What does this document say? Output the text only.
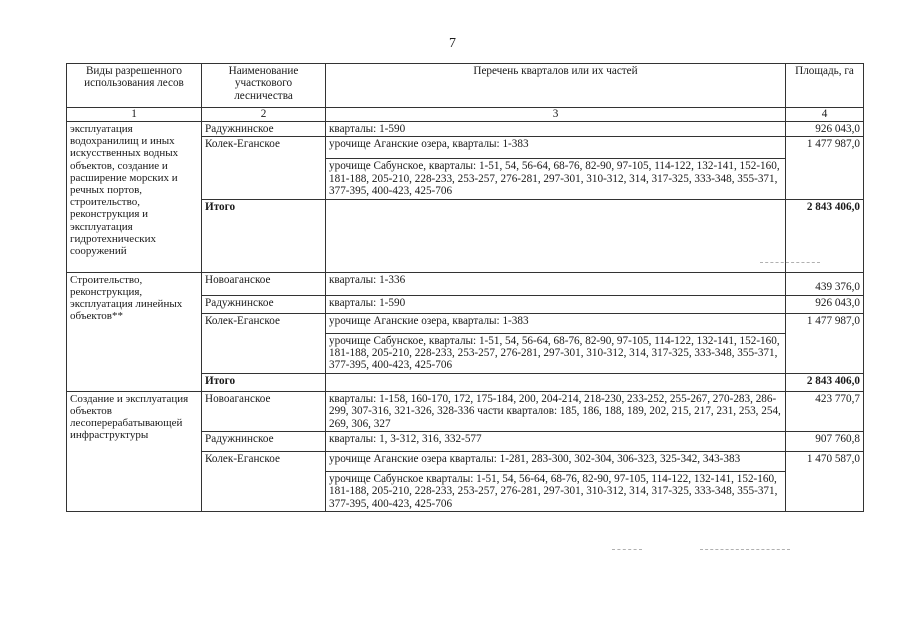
7
Виды разрешенного использования лесов	Наименование участкового лесничества	Перечень кварталов или их частей	Площадь, га
1	2	3	4
эксплуатация водохранилищ и иных искусственных водных объектов, создание и расширение морских и речных портов, строительство, реконструкция и эксплуатация гидротехнических сооружений	Радужнинское	кварталы: 1-590	926 043,0
	Колек-Еганское	урочище Аганские озера, кварталы: 1-383	1 477 987,0
		урочище Сабунское, кварталы: 1-51, 54, 56-64, 68-76, 82-90, 97-105, 114-122, 132-141, 152-160, 181-188, 205-210, 228-233, 253-257, 276-281, 297-301, 310-312, 314, 317-325, 333-348, 355-371, 377-395, 400-423, 425-706	
	Итого		2 843 406,0
Строительство, реконструкция, эксплуатация линейных объектов**	Новоаганское	кварталы: 1-336	439 376,0
	Радужнинское	кварталы: 1-590	926 043,0
	Колек-Еганское	урочище Аганские озера, кварталы: 1-383	1 477 987,0
		урочище Сабунское, кварталы: 1-51, 54, 56-64, 68-76, 82-90, 97-105, 114-122, 132-141, 152-160, 181-188, 205-210, 228-233, 253-257, 276-281, 297-301, 310-312, 314, 317-325, 333-348, 355-371, 377-395, 400-423, 425-706	
	Итого		2 843 406,0
Создание и эксплуатация объектов лесоперерабатывающей инфраструктуры	Новоаганское	кварталы: 1-158, 160-170, 172, 175-184, 200, 204-214, 218-230, 233-252, 255-267, 270-283, 286-299, 307-316, 321-326, 328-336 части кварталов: 185, 186, 188, 189, 202, 215, 217, 231, 253, 254, 269, 306, 327	423 770,7
	Радужнинское	кварталы: 1, 3-312, 316, 332-577	907 760,8
	Колек-Еганское	урочище Аганские озера кварталы: 1-281, 283-300, 302-304, 306-323, 325-342, 343-383	1 470 587,0
		урочище Сабунское кварталы: 1-51, 54, 56-64, 68-76, 82-90, 97-105, 114-122, 132-141, 152-160, 181-188, 205-210, 228-233, 253-257, 276-281, 297-301, 310-312, 314, 317-325, 333-348, 355-371, 377-395, 400-423, 425-706	
